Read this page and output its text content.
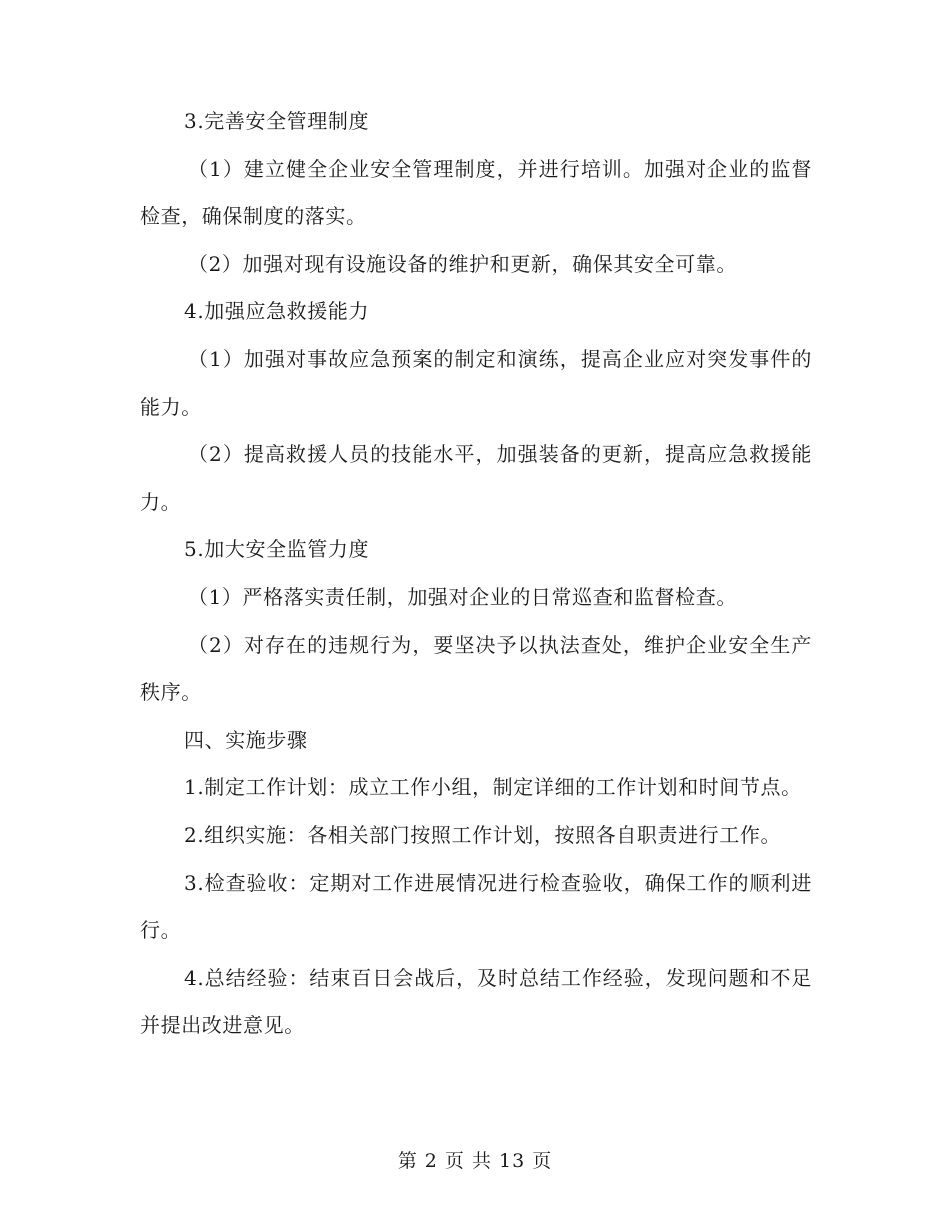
3.完善安全管理制度

（1）建立健全企业安全管理制度，并进行培训。加强对企业的监督检查，确保制度的落实。

（2）加强对现有设施设备的维护和更新，确保其安全可靠。

4.加强应急救援能力

（1）加强对事故应急预案的制定和演练，提高企业应对突发事件的能力。

（2）提高救援人员的技能水平，加强装备的更新，提高应急救援能力。

5.加大安全监管力度

（1）严格落实责任制，加强对企业的日常巡查和监督检查。

（2）对存在的违规行为，要坚决予以执法查处，维护企业安全生产秩序。

四、实施步骤

1.制定工作计划：成立工作小组，制定详细的工作计划和时间节点。

2.组织实施：各相关部门按照工作计划，按照各自职责进行工作。

3.检查验收：定期对工作进展情况进行检查验收，确保工作的顺利进行。

4.总结经验：结束百日会战后，及时总结工作经验，发现问题和不足并提出改进意见。

第 2 页 共 13 页
